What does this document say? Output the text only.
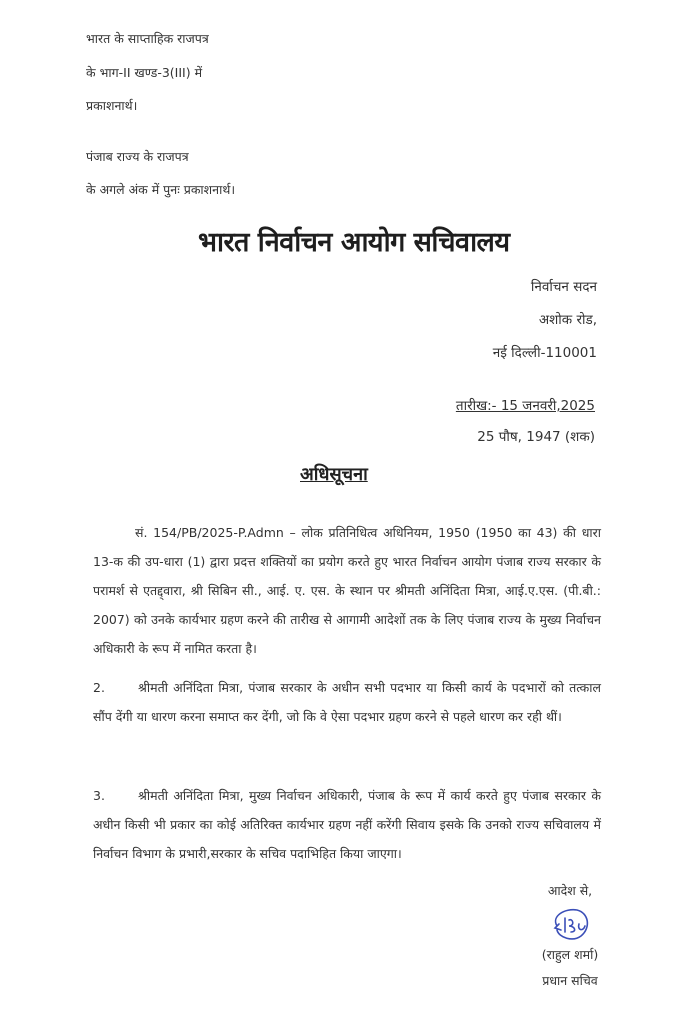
भारत के साप्ताहिक राजपत्र
के भाग-II खण्ड-3(III) में
प्रकाशनार्थ।
पंजाब राज्य के राजपत्र
के अगले अंक में पुनः प्रकाशनार्थ।
भारत निर्वाचन आयोग सचिवालय
निर्वाचन सदन
अशोक रोड,
नई दिल्ली-110001
तारीख:- 15 जनवरी,2025
25 पौष, 1947 (शक)
अधिसूचना
सं. 154/PB/2025-P.Admn – लोक प्रतिनिधित्व अधिनियम, 1950 (1950 का 43) की धारा 13-क की उप-धारा (1) द्वारा प्रदत्त शक्तियों का प्रयोग करते हुए भारत निर्वाचन आयोग पंजाब राज्य सरकार के परामर्श से एतद्द्वारा, श्री सिबिन सी., आई. ए. एस. के स्थान पर श्रीमती अनिंदिता मित्रा, आई.ए.एस. (पी.बी.: 2007) को उनके कार्यभार ग्रहण करने की तारीख से आगामी आदेशों तक के लिए पंजाब राज्य के मुख्य निर्वाचन अधिकारी के रूप में नामित करता है।
2.	श्रीमती अनिंदिता मित्रा, पंजाब सरकार के अधीन सभी पदभार या किसी कार्य के पदभारों को तत्काल सौंप देंगी या धारण करना समाप्त कर देंगी, जो कि वे ऐसा पदभार ग्रहण करने से पहले धारण कर रही थीं।
3.	श्रीमती अनिंदिता मित्रा, मुख्य निर्वाचन अधिकारी, पंजाब के रूप में कार्य करते हुए पंजाब सरकार के अधीन किसी भी प्रकार का कोई अतिरिक्त कार्यभार ग्रहण नहीं करेंगी सिवाय इसके कि उनको राज्य सचिवालय में निर्वाचन विभाग के प्रभारी,सरकार के सचिव पदाभिहित किया जाएगा।
आदेश से,
(राहुल शर्मा)
प्रधान सचिव
